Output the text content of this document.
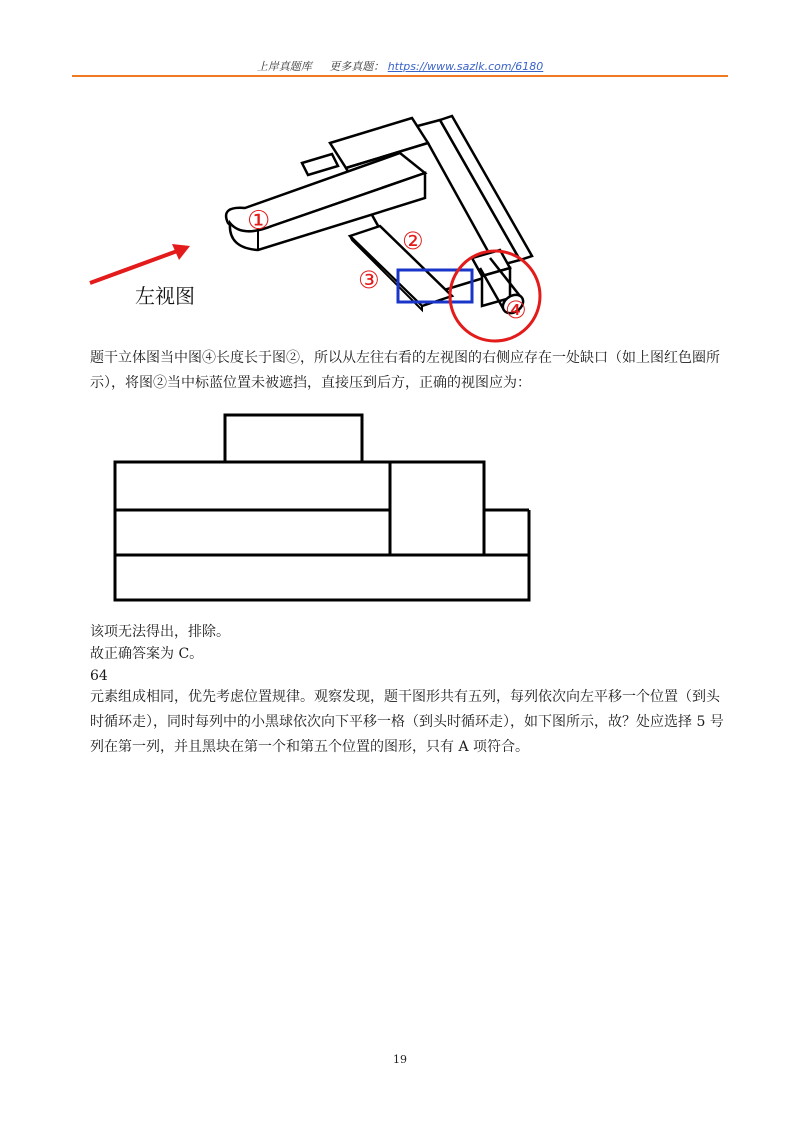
上岸真题库 更多真题： https://www.sazlk.com/6180
①
②
③
④
左视图
题干立体图当中图④长度长于图②，所以从左往右看的左视图的右侧应存在一处缺口（如上图红色圈所示），将图②当中标蓝位置未被遮挡，直接压到后方，正确的视图应为：
该项无法得出，排除。
故正确答案为 C。
64
元素组成相同，优先考虑位置规律。观察发现，题干图形共有五列，每列依次向左平移一个位置（到头时循环走），同时每列中的小黑球依次向下平移一格（到头时循环走），如下图所示，故？处应选择 5 号列在第一列，并且黑块在第一个和第五个位置的图形，只有 A 项符合。
19
